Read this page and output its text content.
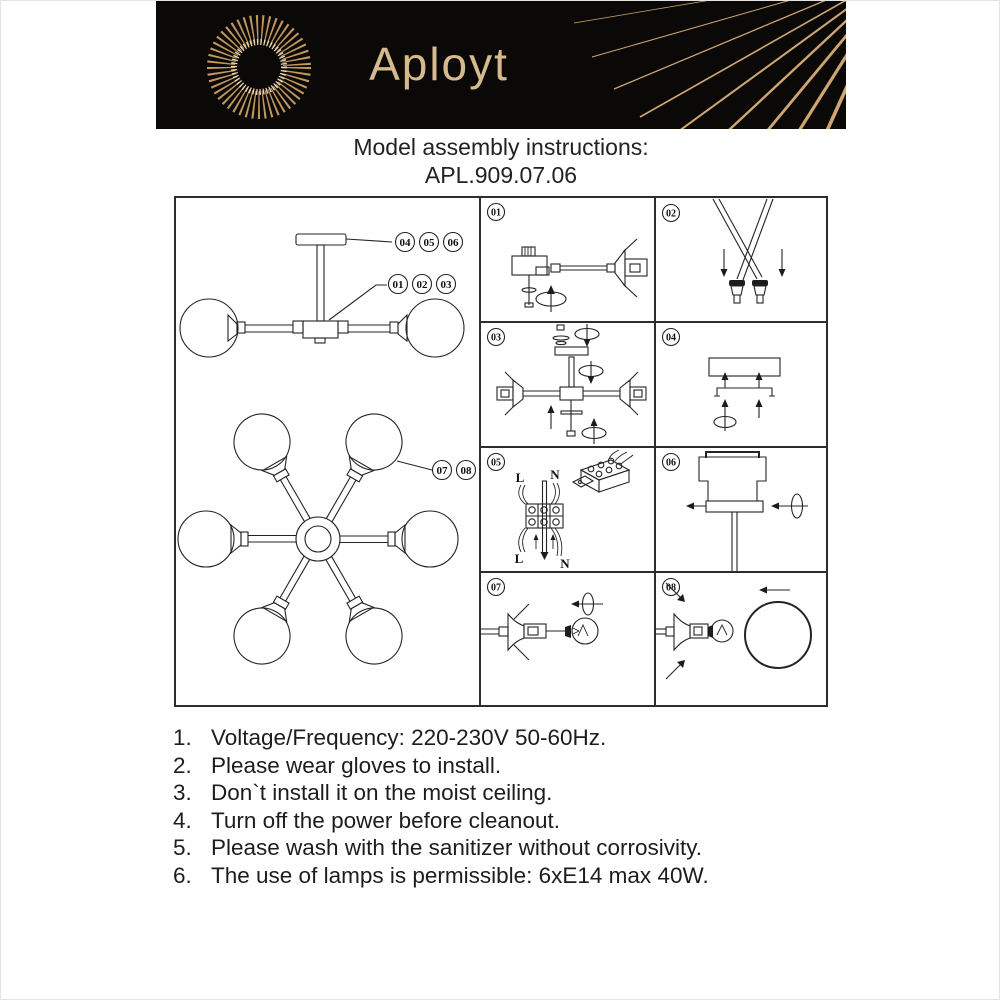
Aployt
Model assembly instructions:
APL.909.07.06
04 05 06
01 02 03
07 08
01	02
03	04
05
L N
L	N
06
07	08
1. Voltage/Frequency: 220-230V 50-60Hz.
2. Please wear gloves to install.
3. Don`t install it on the moist ceiling.
4. Turn off the power before cleanout.
5. Please wash with the sanitizer without corrosivity.
6. The use of lamps is permissible: 6xE14 max 40W.
